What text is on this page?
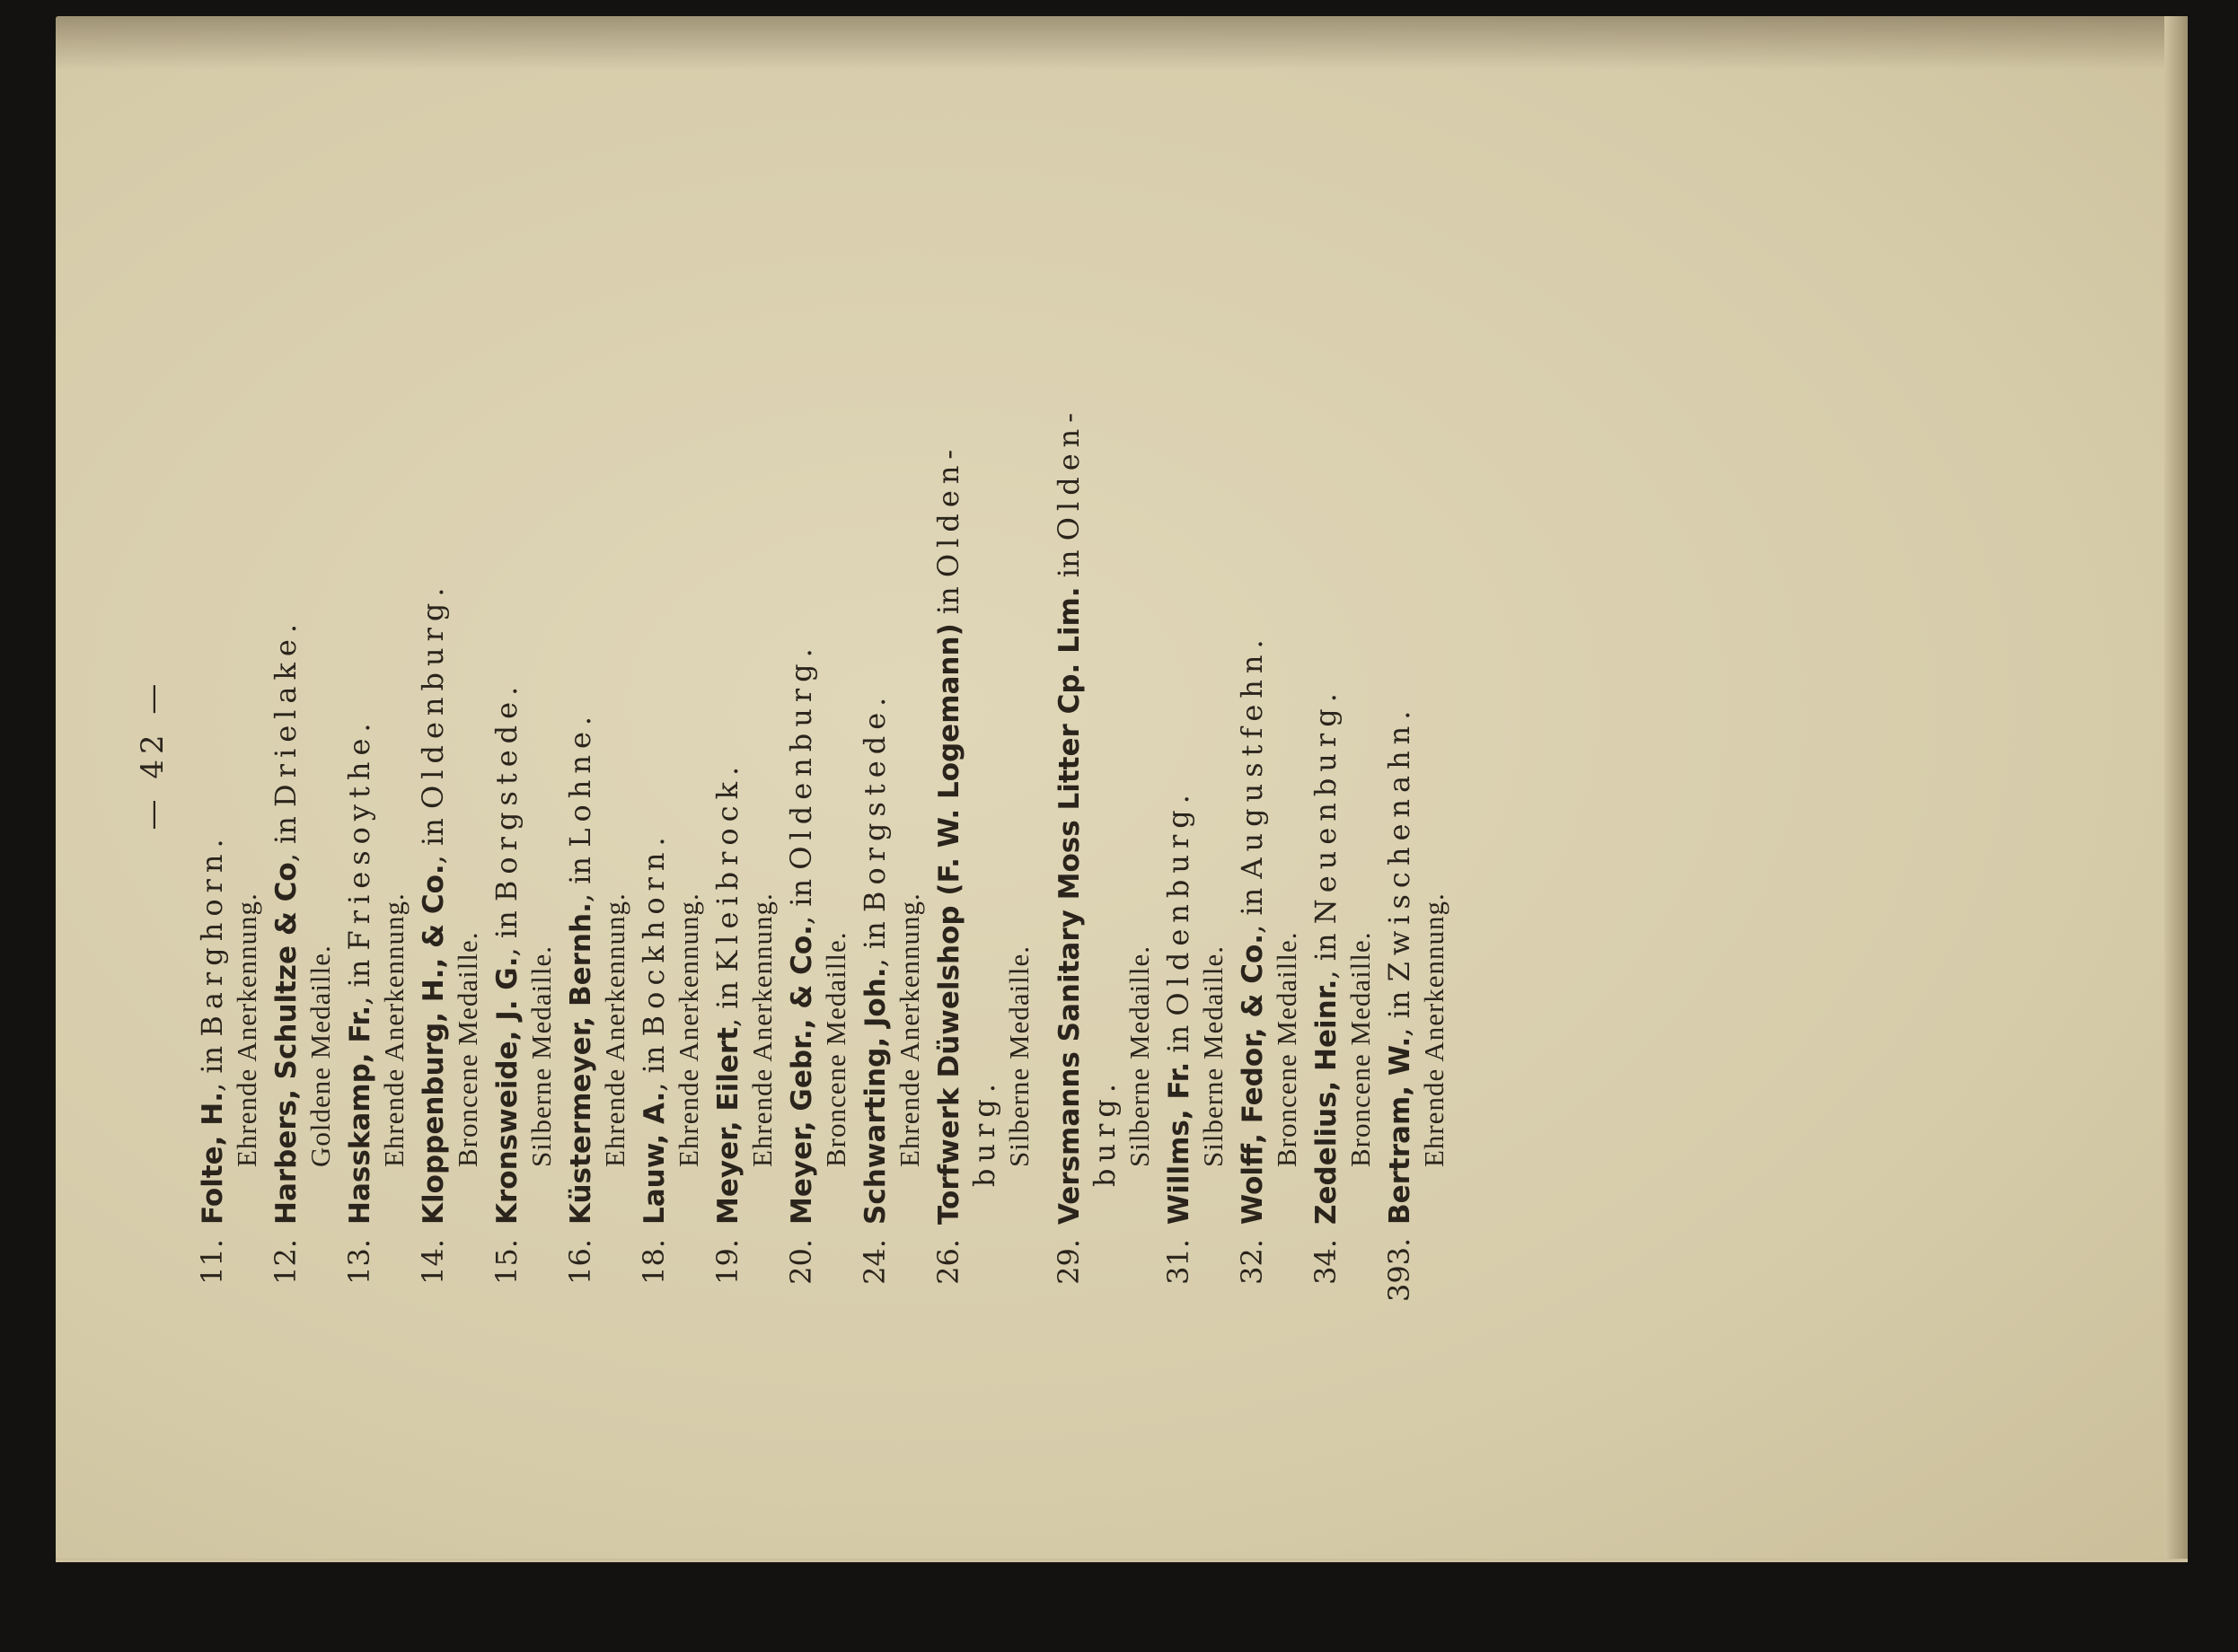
— 42 —
11.Folte, H., in Barghorn. Ehrende Anerkennung.
12.Harbers, Schultze & Co, in Drielake.
Goldene Medaille.
13.Hasskamp, Fr., in Friesoythe.
Ehrende Anerkennung.
14.Kloppenburg, H., & Co., in Oldenburg.
Broncene Medaille.
15.Kronsweide, J. G., in Borgstede.
Silberne Medaille.
16.Küstermeyer, Bernh., in Lohne.
Ehrende Anerkennung.
18.Lauw, A., in Bockhorn. Ehrende Anerkennung.
19.Meyer, Eilert, in Kleibrock.
Ehrende Anerkennung.
20.Meyer, Gebr., & Co., in Oldenburg.
Broncene Medaille.
24.Schwarting, Joh., in Borgstede.
Ehrende Anerkennung.
26.Torfwerk Düwelshop (F. W. Logemann) in Olden-
burg. Silberne Medaille.
29.Versmanns Sanitary Moss Litter Cp. Lim. in Olden-
burg. Silberne Medaille.
31.Willms, Fr. in Oldenburg.
Silberne Medaille.
32.Wolff, Fedor, & Co., in Augustfehn.
Broncene Medaille.
34.Zedelius, Heinr., in Neuenburg.
Broncene Medaille.
393.Bertram, W., in Zwischenahn.
Ehrende Anerkennung.
